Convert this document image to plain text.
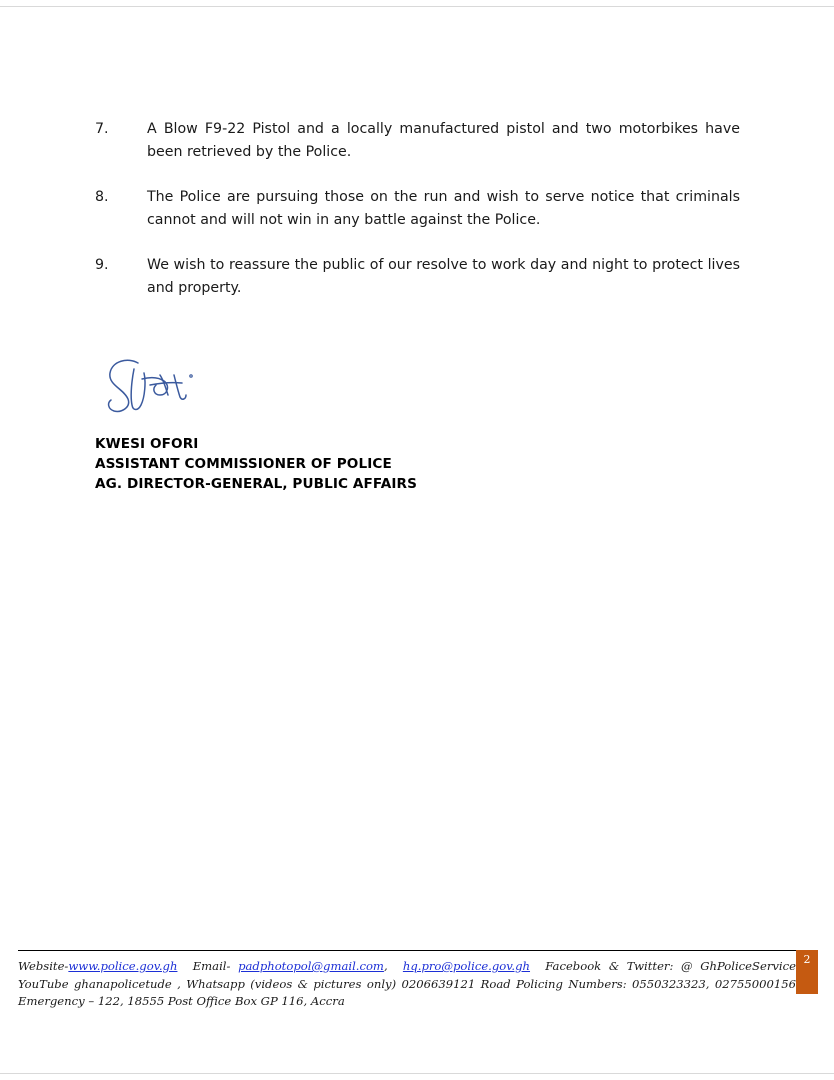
7.	A Blow F9-22 Pistol and a locally manufactured pistol and two motorbikes have been retrieved by the Police.
8.	The Police are pursuing those on the run and wish to serve notice that criminals cannot and will not win in any battle against the Police.
9.	We wish to reassure the public of our resolve to work day and night to protect lives and property.
KWESI OFORI
ASSISTANT COMMISSIONER OF POLICE
AG. DIRECTOR-GENERAL, PUBLIC AFFAIRS
Website-www.police.gov.gh Email- padphotopol@gmail.com, hq.pro@police.gov.gh Facebook & Twitter: @ GhPoliceService YouTube ghanapolicetude , Whatsapp (videos & pictures only) 0206639121 Road Policing Numbers: 0550323323, 02755000156 Emergency – 122, 18555 Post Office Box GP 116, Accra
2
